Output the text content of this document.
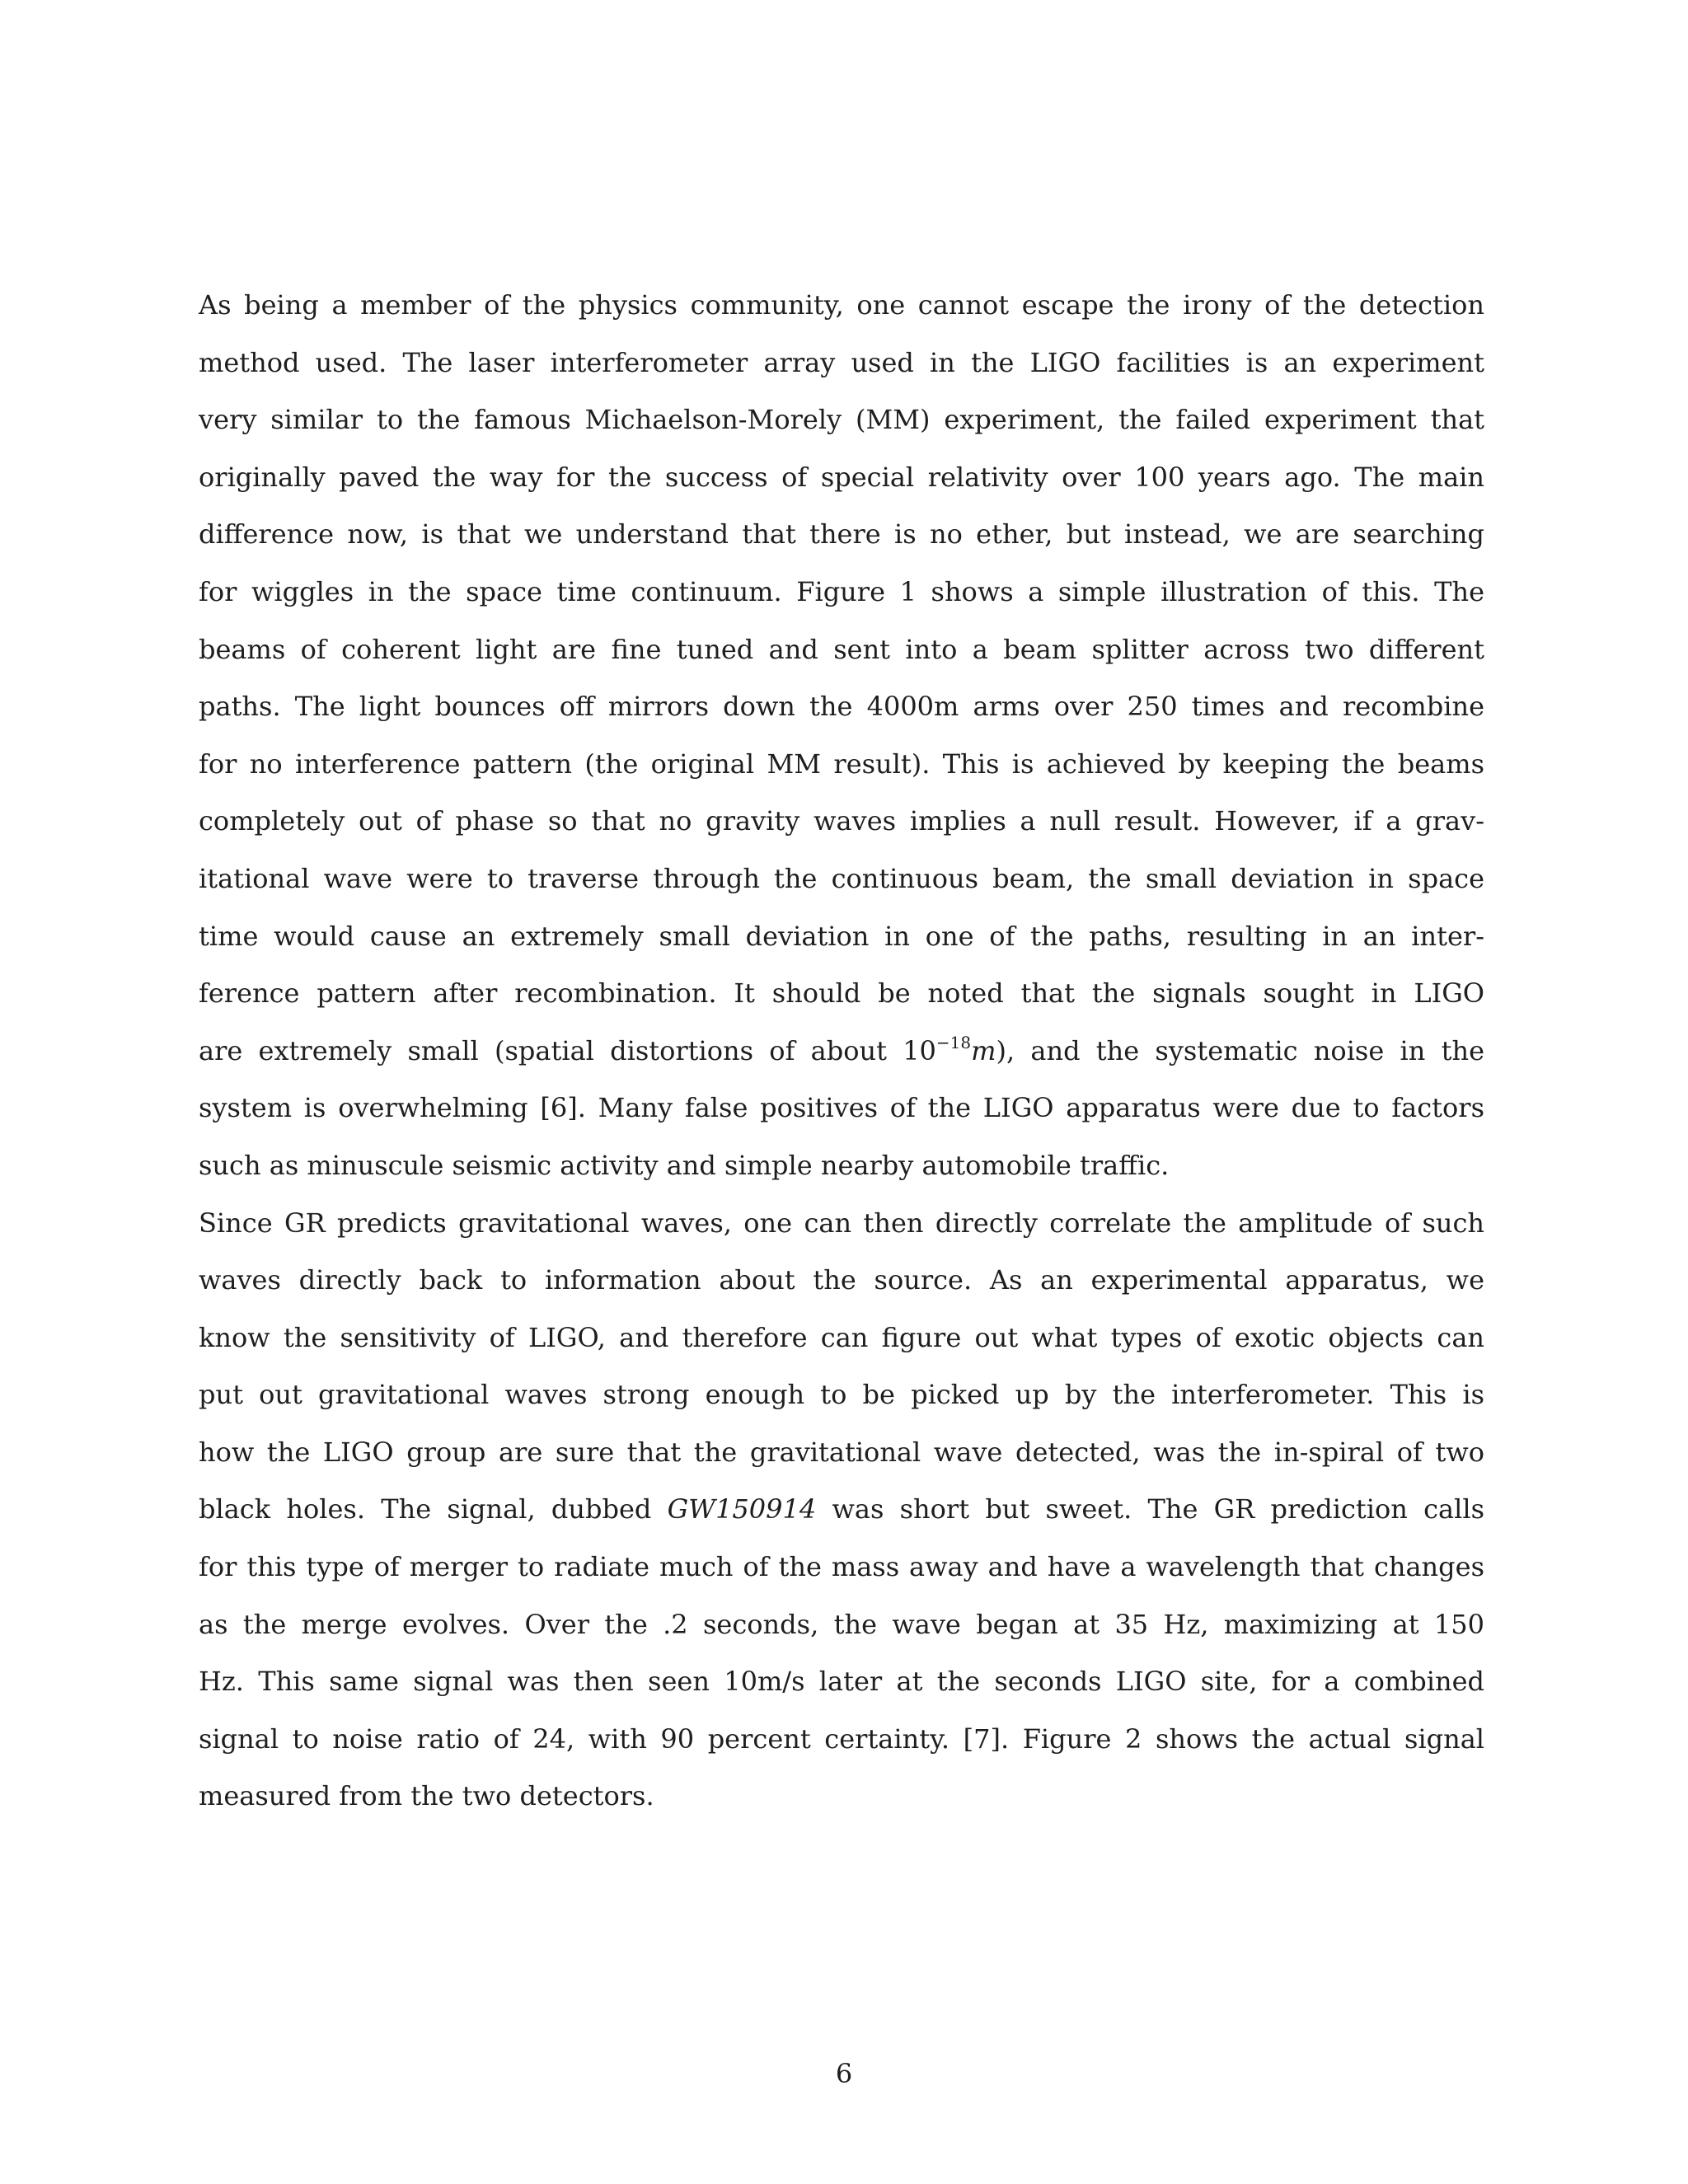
As being a member of the physics community, one cannot escape the irony of the detection
method used. The laser interferometer array used in the LIGO facilities is an experiment
very similar to the famous Michaelson-Morely (MM) experiment, the failed experiment that
originally paved the way for the success of special relativity over 100 years ago. The main
difference now, is that we understand that there is no ether, but instead, we are searching
for wiggles in the space time continuum. Figure 1 shows a simple illustration of this. The
beams of coherent light are fine tuned and sent into a beam splitter across two different
paths. The light bounces off mirrors down the 4000m arms over 250 times and recombine
for no interference pattern (the original MM result). This is achieved by keeping the beams
completely out of phase so that no gravity waves implies a null result. However, if a grav-
itational wave were to traverse through the continuous beam, the small deviation in space
time would cause an extremely small deviation in one of the paths, resulting in an inter-
ference pattern after recombination. It should be noted that the signals sought in LIGO
are extremely small (spatial distortions of about $10^{-18}m$), and the systematic noise in the
system is overwhelming [6]. Many false positives of the LIGO apparatus were due to factors
such as minuscule seismic activity and simple nearby automobile traffic.
Since GR predicts gravitational waves, one can then directly correlate the amplitude of such
waves directly back to information about the source. As an experimental apparatus, we
know the sensitivity of LIGO, and therefore can figure out what types of exotic objects can
put out gravitational waves strong enough to be picked up by the interferometer. This is
how the LIGO group are sure that the gravitational wave detected, was the in-spiral of two
black holes. The signal, dubbed GW150914 was short but sweet. The GR prediction calls
for this type of merger to radiate much of the mass away and have a wavelength that changes
as the merge evolves. Over the .2 seconds, the wave began at 35 Hz, maximizing at 150
Hz. This same signal was then seen 10m/s later at the seconds LIGO site, for a combined
signal to noise ratio of 24, with 90 percent certainty. [7]. Figure 2 shows the actual signal
measured from the two detectors.
6
